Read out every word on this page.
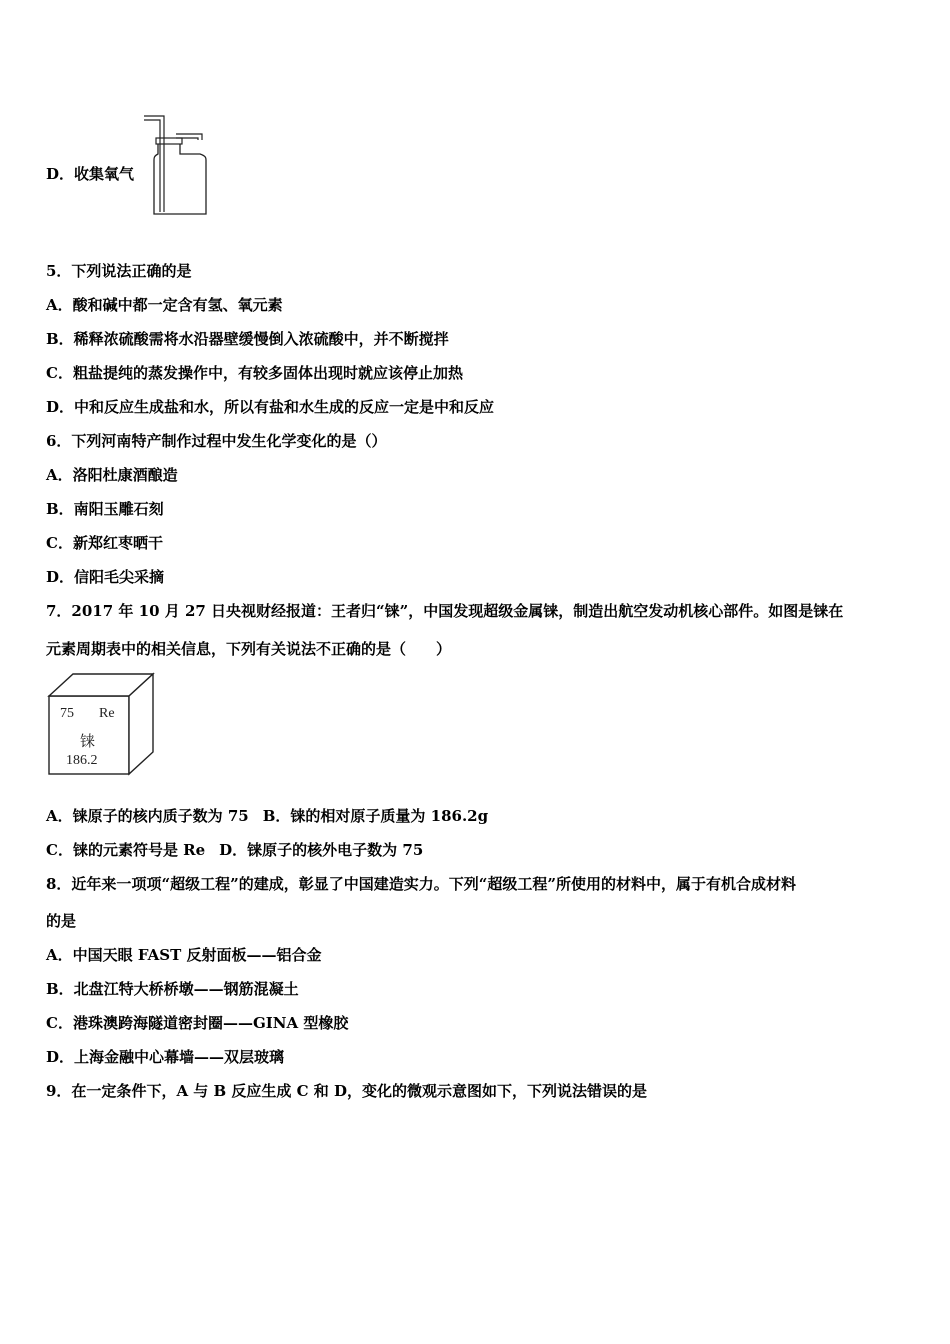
D．收集氧气
5．下列说法正确的是
A．酸和碱中都一定含有氢、氧元素
B．稀释浓硫酸需将水沿器壁缓慢倒入浓硫酸中，并不断搅拌
C．粗盐提纯的蒸发操作中，有较多固体出现时就应该停止加热
D．中和反应生成盐和水，所以有盐和水生成的反应一定是中和反应
6．下列河南特产制作过程中发生化学变化的是（）
A．洛阳杜康酒酿造
B．南阳玉雕石刻
C．新郑红枣晒干
D．信阳毛尖采摘
7．2017 年 10 月 27 日央视财经报道：王者归“铼”，中国发现超级金属铼，制造出航空发动机核心部件。如图是铼在
元素周期表中的相关信息，下列有关说法不正确的是（　　）
75 Re
铼
186.2
A．铼原子的核内质子数为 75 B．铼的相对原子质量为 186.2g
C．铼的元素符号是 Re D．铼原子的核外电子数为 75
8．近年来一项项“超级工程”的建成，彰显了中国建造实力。下列“超级工程”所使用的材料中，属于有机合成材料
的是
A．中国天眼 FAST 反射面板——铝合金
B．北盘江特大桥桥墩——钢筋混凝土
C．港珠澳跨海隧道密封圈——GINA 型橡胶
D．上海金融中心幕墙——双层玻璃
9．在一定条件下，A 与 B 反应生成 C 和 D，变化的微观示意图如下，下列说法错误的是
